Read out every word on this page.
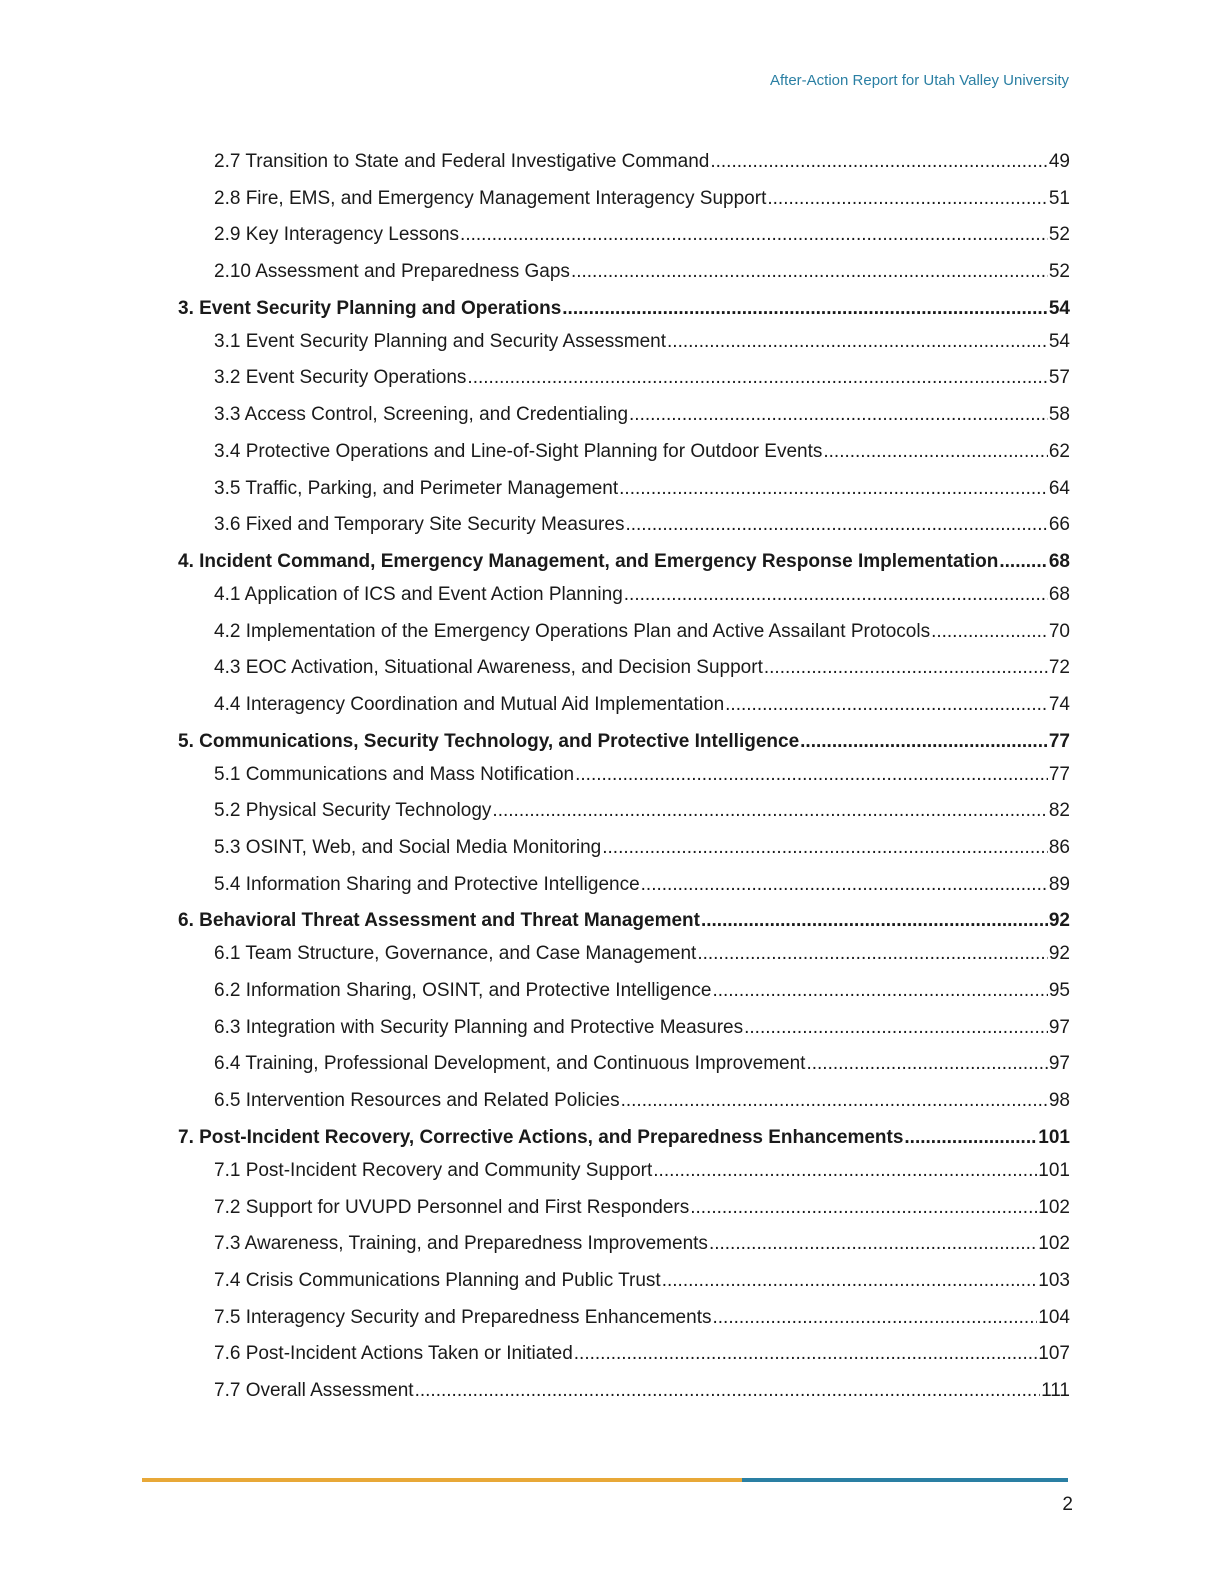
After-Action Report for Utah Valley University
2.7 Transition to State and Federal Investigative Command .....	49
2.8 Fire, EMS, and Emergency Management Interagency Support .....	51
2.9 Key Interagency Lessons .....	52
2.10 Assessment and Preparedness Gaps .....	52
3. Event Security Planning and Operations .....	54
3.1 Event Security Planning and Security Assessment .....	54
3.2 Event Security Operations .....	57
3.3 Access Control, Screening, and Credentialing .....	58
3.4 Protective Operations and Line-of-Sight Planning for Outdoor Events .....	62
3.5 Traffic, Parking, and Perimeter Management .....	64
3.6 Fixed and Temporary Site Security Measures .....	66
4. Incident Command, Emergency Management, and Emergency Response Implementation .....	68
4.1 Application of ICS and Event Action Planning .....	68
4.2 Implementation of the Emergency Operations Plan and Active Assailant Protocols .....	70
4.3 EOC Activation, Situational Awareness, and Decision Support .....	72
4.4 Interagency Coordination and Mutual Aid Implementation .....	74
5. Communications, Security Technology, and Protective Intelligence .....	77
5.1 Communications and Mass Notification .....	77
5.2 Physical Security Technology .....	82
5.3 OSINT, Web, and Social Media Monitoring .....	86
5.4 Information Sharing and Protective Intelligence .....	89
6. Behavioral Threat Assessment and Threat Management .....	92
6.1 Team Structure, Governance, and Case Management .....	92
6.2 Information Sharing, OSINT, and Protective Intelligence .....	95
6.3 Integration with Security Planning and Protective Measures .....	97
6.4 Training, Professional Development, and Continuous Improvement .....	97
6.5 Intervention Resources and Related Policies .....	98
7. Post-Incident Recovery, Corrective Actions, and Preparedness Enhancements .....	101
7.1 Post-Incident Recovery and Community Support .....	101
7.2 Support for UVUPD Personnel and First Responders .....	102
7.3 Awareness, Training, and Preparedness Improvements .....	102
7.4 Crisis Communications Planning and Public Trust .....	103
7.5 Interagency Security and Preparedness Enhancements .....	104
7.6 Post-Incident Actions Taken or Initiated .....	107
7.7 Overall Assessment .....	111
2
